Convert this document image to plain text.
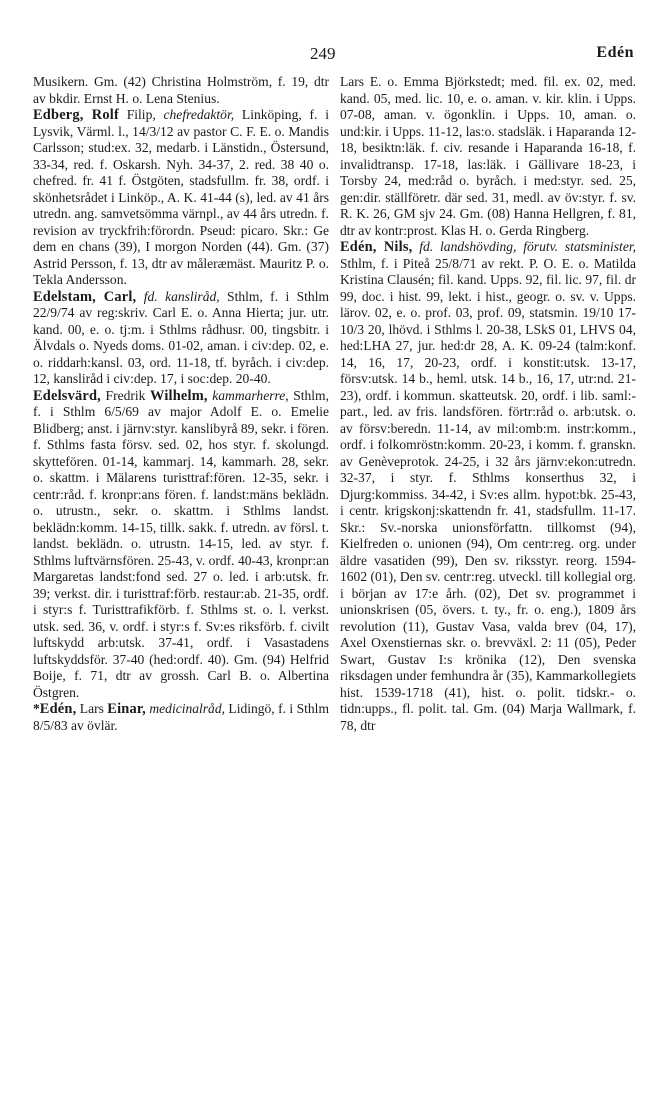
249	Edén

Musikern. Gm. (42) Christina Holmström, f. 19, dtr av bkdir. Ernst H. o. Lena Stenius.

Edberg, Rolf Filip, chefredaktör, Linköping, f. i Lysvik, Värml. l., 14/3/12 av pastor C. F. E. o. Mandis Carlsson; stud:ex. 32, medarb. i Länstidn., Östersund, 33-34, red. f. Oskarsh. Nyh. 34-37, 2. red. 38 40 o. chefred. fr. 41 f. Östgöten, stadsfullm. fr. 38, ordf. i skönhetsrådet i Linköp., A. K. 41-44 (s), led. av 41 års utredn. ang. samvetsömma värnpl., av 44 års utredn. f. revision av tryckfrih:förordn. Pseud: picaro. Skr.: Ge dem en chans (39), I morgon Norden (44). Gm. (37) Astrid Persson, f. 13, dtr av måleræmäst. Mauritz P. o. Tekla Andersson.

Edelstam, Carl, fd. kansliråd, Sthlm, f. i Sthlm 22/9/74 av reg:skriv. Carl E. o. Anna Hierta; jur. utr. kand. 00, e. o. tj:m. i Sthlms rådhusr. 00, tingsbitr. i Älvdals o. Nyeds doms. 01-02, aman. i civ:dep. 02, e. o. riddarh:kansl. 03, ord. 11-18, tf. byråch. i civ:dep. 12, kansliråd i civ:dep. 17, i soc:dep. 20-40.

Edelsvärd, Fredrik Wilhelm, kammarherre, Sthlm, f. i Sthlm 6/5/69 av major Adolf E. o. Emelie Blidberg; anst. i järnv:styr. kanslibyrå 89, sekr. i fören. f. Sthlms fasta försv. sed. 02, hos styr. f. skolungd. skyttefören. 01-14, kammarj. 14, kammarh. 28, sekr. o. skattm. i Mälarens turisttraf:fören. 12-35, sekr. i centr:råd. f. kronpr:ans fören. f. landst:mäns beklädn. o. utrustn., sekr. o. skattm. i Sthlms landst. beklädn:komm. 14-15, tillk. sakk. f. utredn. av försl. t. landst. beklädn. o. utrustn. 14-15, led. av styr. f. Sthlms luftvärnsfören. 25-43, v. ordf. 40-43, kronpr:an Margaretas landst:fond sed. 27 o. led. i arb:utsk. fr. 39; verkst. dir. i turisttraf:förb. restaur:ab. 21-35, ordf. i styr:s f. Turisttrafikförb. f. Sthlms st. o. l. verkst. utsk. sed. 36, v. ordf. i styr:s f. Sv:es riksförb. f. civilt luftskydd arb:utsk. 37-41, ordf. i Vasastadens luftskyddsför. 37-40 (hed:ordf. 40). Gm. (94) Helfrid Boije, f. 71, dtr av grossh. Carl B. o. Albertina Östgren.

*Edén, Lars Einar, medicinalråd, Lidingö, f. i Sthlm 8/5/83 av övlär.

Lars E. o. Emma Björkstedt; med. fil. ex. 02, med. kand. 05, med. lic. 10, e. o. aman. v. kir. klin. i Upps. 07-08, aman. v. ögonklin. i Upps. 10, aman. o. und:kir. i Upps. 11-12, las:o. stadsläk. i Haparanda 12-18, besiktn:läk. f. civ. resande i Haparanda 16-18, f. invalidtransp. 17-18, las:läk. i Gällivare 18-23, i Torsby 24, med:råd o. byråch. i med:styr. sed. 25, gen:dir. ställföretr. där sed. 31, medl. av öv:styr. f. sv. R. K. 26, GM sjv 24. Gm. (08) Hanna Hellgren, f. 81, dtr av kontr:prost. Klas H. o. Gerda Ringberg.

Edén, Nils, fd. landshövding, förutv. statsminister, Sthlm, f. i Piteå 25/8/71 av rekt. P. O. E. o. Matilda Kristina Clausén; fil. kand. Upps. 92, fil. lic. 97, fil. dr 99, doc. i hist. 99, lekt. i hist., geogr. o. sv. v. Upps. lärov. 02, e. o. prof. 03, prof. 09, statsmin. 19/10 17-10/3 20, lhövd. i Sthlms l. 20-38, LSkS 01, LHVS 04, hed:LHA 27, jur. hed:dr 28, A. K. 09-24 (talm:konf. 14, 16, 17, 20-23, ordf. i konstit:utsk. 13-17, försv:utsk. 14 b., heml. utsk. 14 b., 16, 17, utr:nd. 21-23), ordf. i kommun. skatteutsk. 20, ordf. i lib. saml:part., led. av fris. landsfören. förtr:råd o. arb:utsk. o. av försv:beredn. 11-14, av mil:omb:m. instr:komm., ordf. i folkomröstn:komm. 20-23, i komm. f. granskn. av Genèveprotok. 24-25, i 32 års järnv:ekon:utredn. 32-37, i styr. f. Sthlms konserthus 32, i Djurg:kommiss. 34-42, i Sv:es allm. hypot:bk. 25-43, i centr. krigskonj:skattendn fr. 41, stadsfullm. 11-17. Skr.: Sv.-norska unionsförfattn. tillkomst (94), Kielfreden o. unionen (94), Om centr:reg. org. under äldre vasatiden (99), Den sv. riksstyr. reorg. 1594-1602 (01), Den sv. centr:reg. utveckl. till kollegial org. i början av 17:e årh. (02), Det sv. programmet i unionskrisen (05, övers. t. ty., fr. o. eng.), 1809 års revolution (11), Gustav Vasa, valda brev (04, 17), Axel Oxenstiernas skr. o. brevväxl. 2: 11 (05), Peder Swart, Gustav I:s krönika (12), Den svenska riksdagen under femhundra år (35), Kammarkollegiets hist. 1539-1718 (41), hist. o. polit. tidskr.- o. tidn:upps., fl. polit. tal. Gm. (04) Marja Wallmark, f. 78, dtr
